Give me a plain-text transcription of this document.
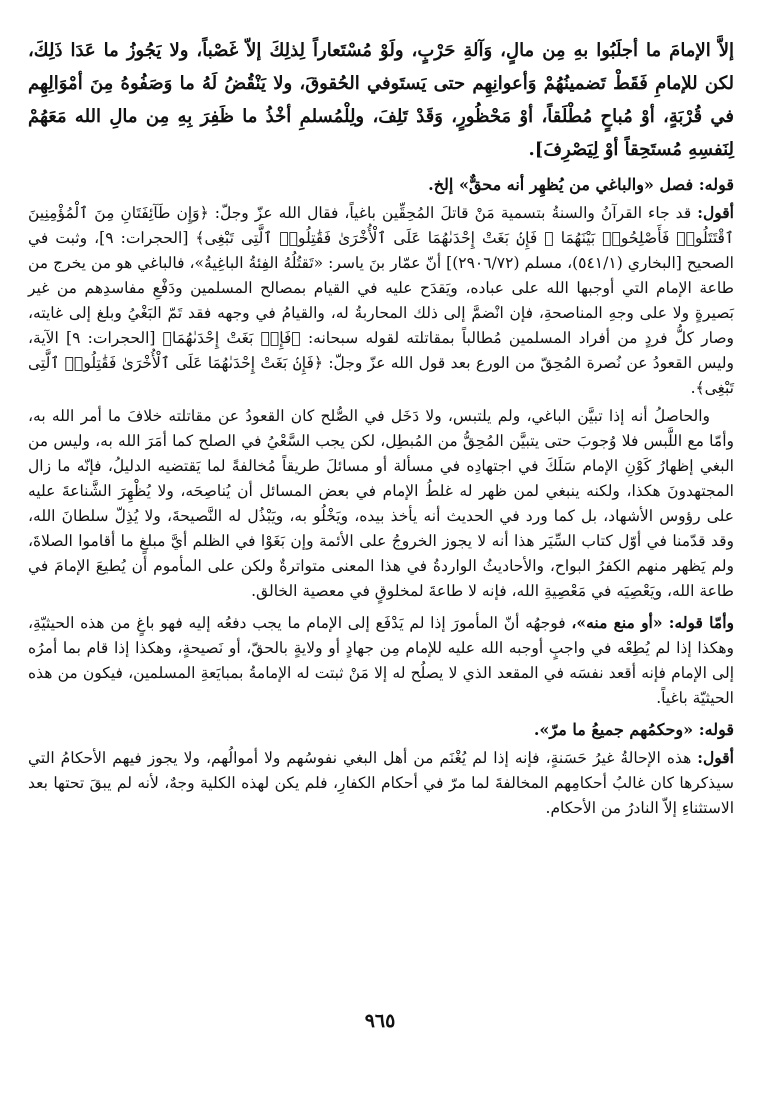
إلاَّ الإمامَ ما أجلَبُوا بهِ مِن مالٍ، وَآلةِ حَرْبٍ، ولَوْ مُسْتَعاراً لِذلِكَ إلاّ غَصْباً، ولا يَجُوزُ ما عَدَا ذَلِكَ، لكن للإمامِ فَقَطْ تَضمينُهُمْ وَأعوانِهِم حتى يَستَوفي الحُقوقَ، ولا يَنْقُضُ لَهُ ما وَصَفُوهُ مِنَ أمْوَالِهِم في قُرْبَةٍ، أوْ مُباحٍ مُطْلَقاً، أوْ مَحْظُورٍ، وَقَدْ تَلِفَ، ولِلْمُسلمِ أخْذُ ما ظَفِرَ بِهِ مِن مالِ الله مَعَهُمْ لِنَفسِهِ مُستَحِقاً أوْ لِيَصْرِفَ].

قوله: فصل «والباغي من يُظهِر أنه محقٌّ» إلخ.

أقول: قد جاء القرآنُ والسنةُ بتسمية مَنْ قاتلَ المُحِقِّين باغياً، فقال الله عزّ وجلّ: ﴿وَإِن طَآئِفَتَانِ مِنَ ٱلْمُؤْمِنِينَ ٱقْتَتَلُوا۟ فَأَصْلِحُوا۟ بَيْنَهُمَا ۖ فَإِنۢ بَغَتْ إِحْدَىٰهُمَا عَلَى ٱلْأُخْرَىٰ فَقَٰتِلُوا۟ ٱلَّتِى تَبْغِى﴾ [الحجرات: ٩]، وثبت في الصحيح [البخاري (٥٤١/١)، مسلم (٢٩٠٦/٧٢)] أنّ عمّار بنَ ياسر: «تَقتُلُهُ الفِئةُ الباغِيةُ»، فالباغي هو من يخرج من طاعة الإمام التي أوجبها الله على عباده، ويَقدَح عليه في القيام بمصالح المسلمين ودَفْعِ مفاسدِهم من غير بَصيرةٍ ولا على وجهِ المناصحةِ، فإن انْضمَّ إلى ذلك المحاربةُ له، والقيامُ في وجهه فقد تَمّ البَغْيُ وبلغ إلى غايته، وصار كلُّ فردٍ من أفراد المسلمين مُطالباً بمقاتلته لقوله سبحانه: ﴿فَإِنۢ بَغَتْ إِحْدَىٰهُمَا﴾ [الحجرات: ٩] الآية، وليس القعودُ عن نُصرة المُحِقّ من الورع بعد قول الله عزّ وجلّ: ﴿فَإِنۢ بَغَتْ إِحْدَىٰهُمَا عَلَى ٱلْأُخْرَىٰ فَقَٰتِلُوا۟ ٱلَّتِى تَبْغِى﴾.

والحاصلُ أنه إذا تبيَّن الباغي، ولم يلتبس، ولا دَخَل في الصُّلح كان القعودُ عن مقاتلته خلافَ ما أمر الله به، وأمّا مع اللَّبس فلا وُجوبَ حتى يتبيَّن المُحِقُّ من المُبطِل، لكن يجب السَّعْيُ في الصلح كما أمَرَ الله به، وليس من البغي إظهارُ كَوْنِ الإمام سَلَكَ في اجتهادِه في مسألة أو مسائلَ طريقاً مُخالفةً لما يَقتضيه الدليلُ، فإنّه ما زال المجتهدونَ هكذا، ولكنه ينبغي لمن ظهر له غلطُ الإمام في بعض المسائل أن يُناصِحَه، ولا يُظْهِرَ الشَّناعةَ عليه على رؤوس الأشهاد، بل كما ورد في الحديث أنه يأخذ بيده، ويَخْلُو به، ويَبْذُل له النَّصيحةَ، ولا يُذِلّ سلطانَ الله، وقد قدّمنا في أوّل كتاب السِّيَر هذا أنه لا يجوز الخروجُ على الأئمة وإن بَغَوْا في الظلم أيَّ مبلغٍ ما أقاموا الصلاةَ، ولم يَظهر منهم الكفرُ البواح، والأحاديثُ الواردةُ في هذا المعنى متواترةٌ ولكن على المأموم أن يُطيعَ الإمامَ في طاعة الله، ويَعْصِيَه في مَعْصِيةِ الله، فإنه لا طاعةَ لمخلوقٍ في معصية الخالق.

وأمّا قوله: «أو منع منه»، فوجهُه أنّ المأمورَ إذا لم يَدْفَع إلى الإمام ما يجب دفعُه إليه فهو باغٍ من هذه الحيثيّةِ، وهكذا إذا لم يُطِعْه في واجبٍ أوجبه الله عليه للإمام مِن جهادٍ أو ولايةٍ بالحقّ، أو نَصيحةٍ، وهكذا إذا قام بما أمرُه إلى الإمام فإنه أقعد نفسَه في المقعد الذي لا يصلُح له إلا مَنْ ثبتت له الإمامةُ بمبايَعةِ المسلمين، فيكون من هذه الحيثيّة باغياً.

قوله: «وحكمُهم جميعُ ما مرّ».

أقول: هذه الإحالةُ غيرُ حَسَنةٍ، فإنه إذا لم يُغْنَم من أهل البغي نفوسُهم ولا أموالُهم، ولا يجوز فيهم الأحكامُ التي سيذكرها كان غالبُ أحكامِهم المخالفةَ لما مرّ في أحكام الكفارِ، فلم يكن لهذه الكلية وجهٌ، لأنه لم يبقَ تحتها بعد الاستثناءِ إلاّ النادرُ من الأحكام.

٩٦٥
